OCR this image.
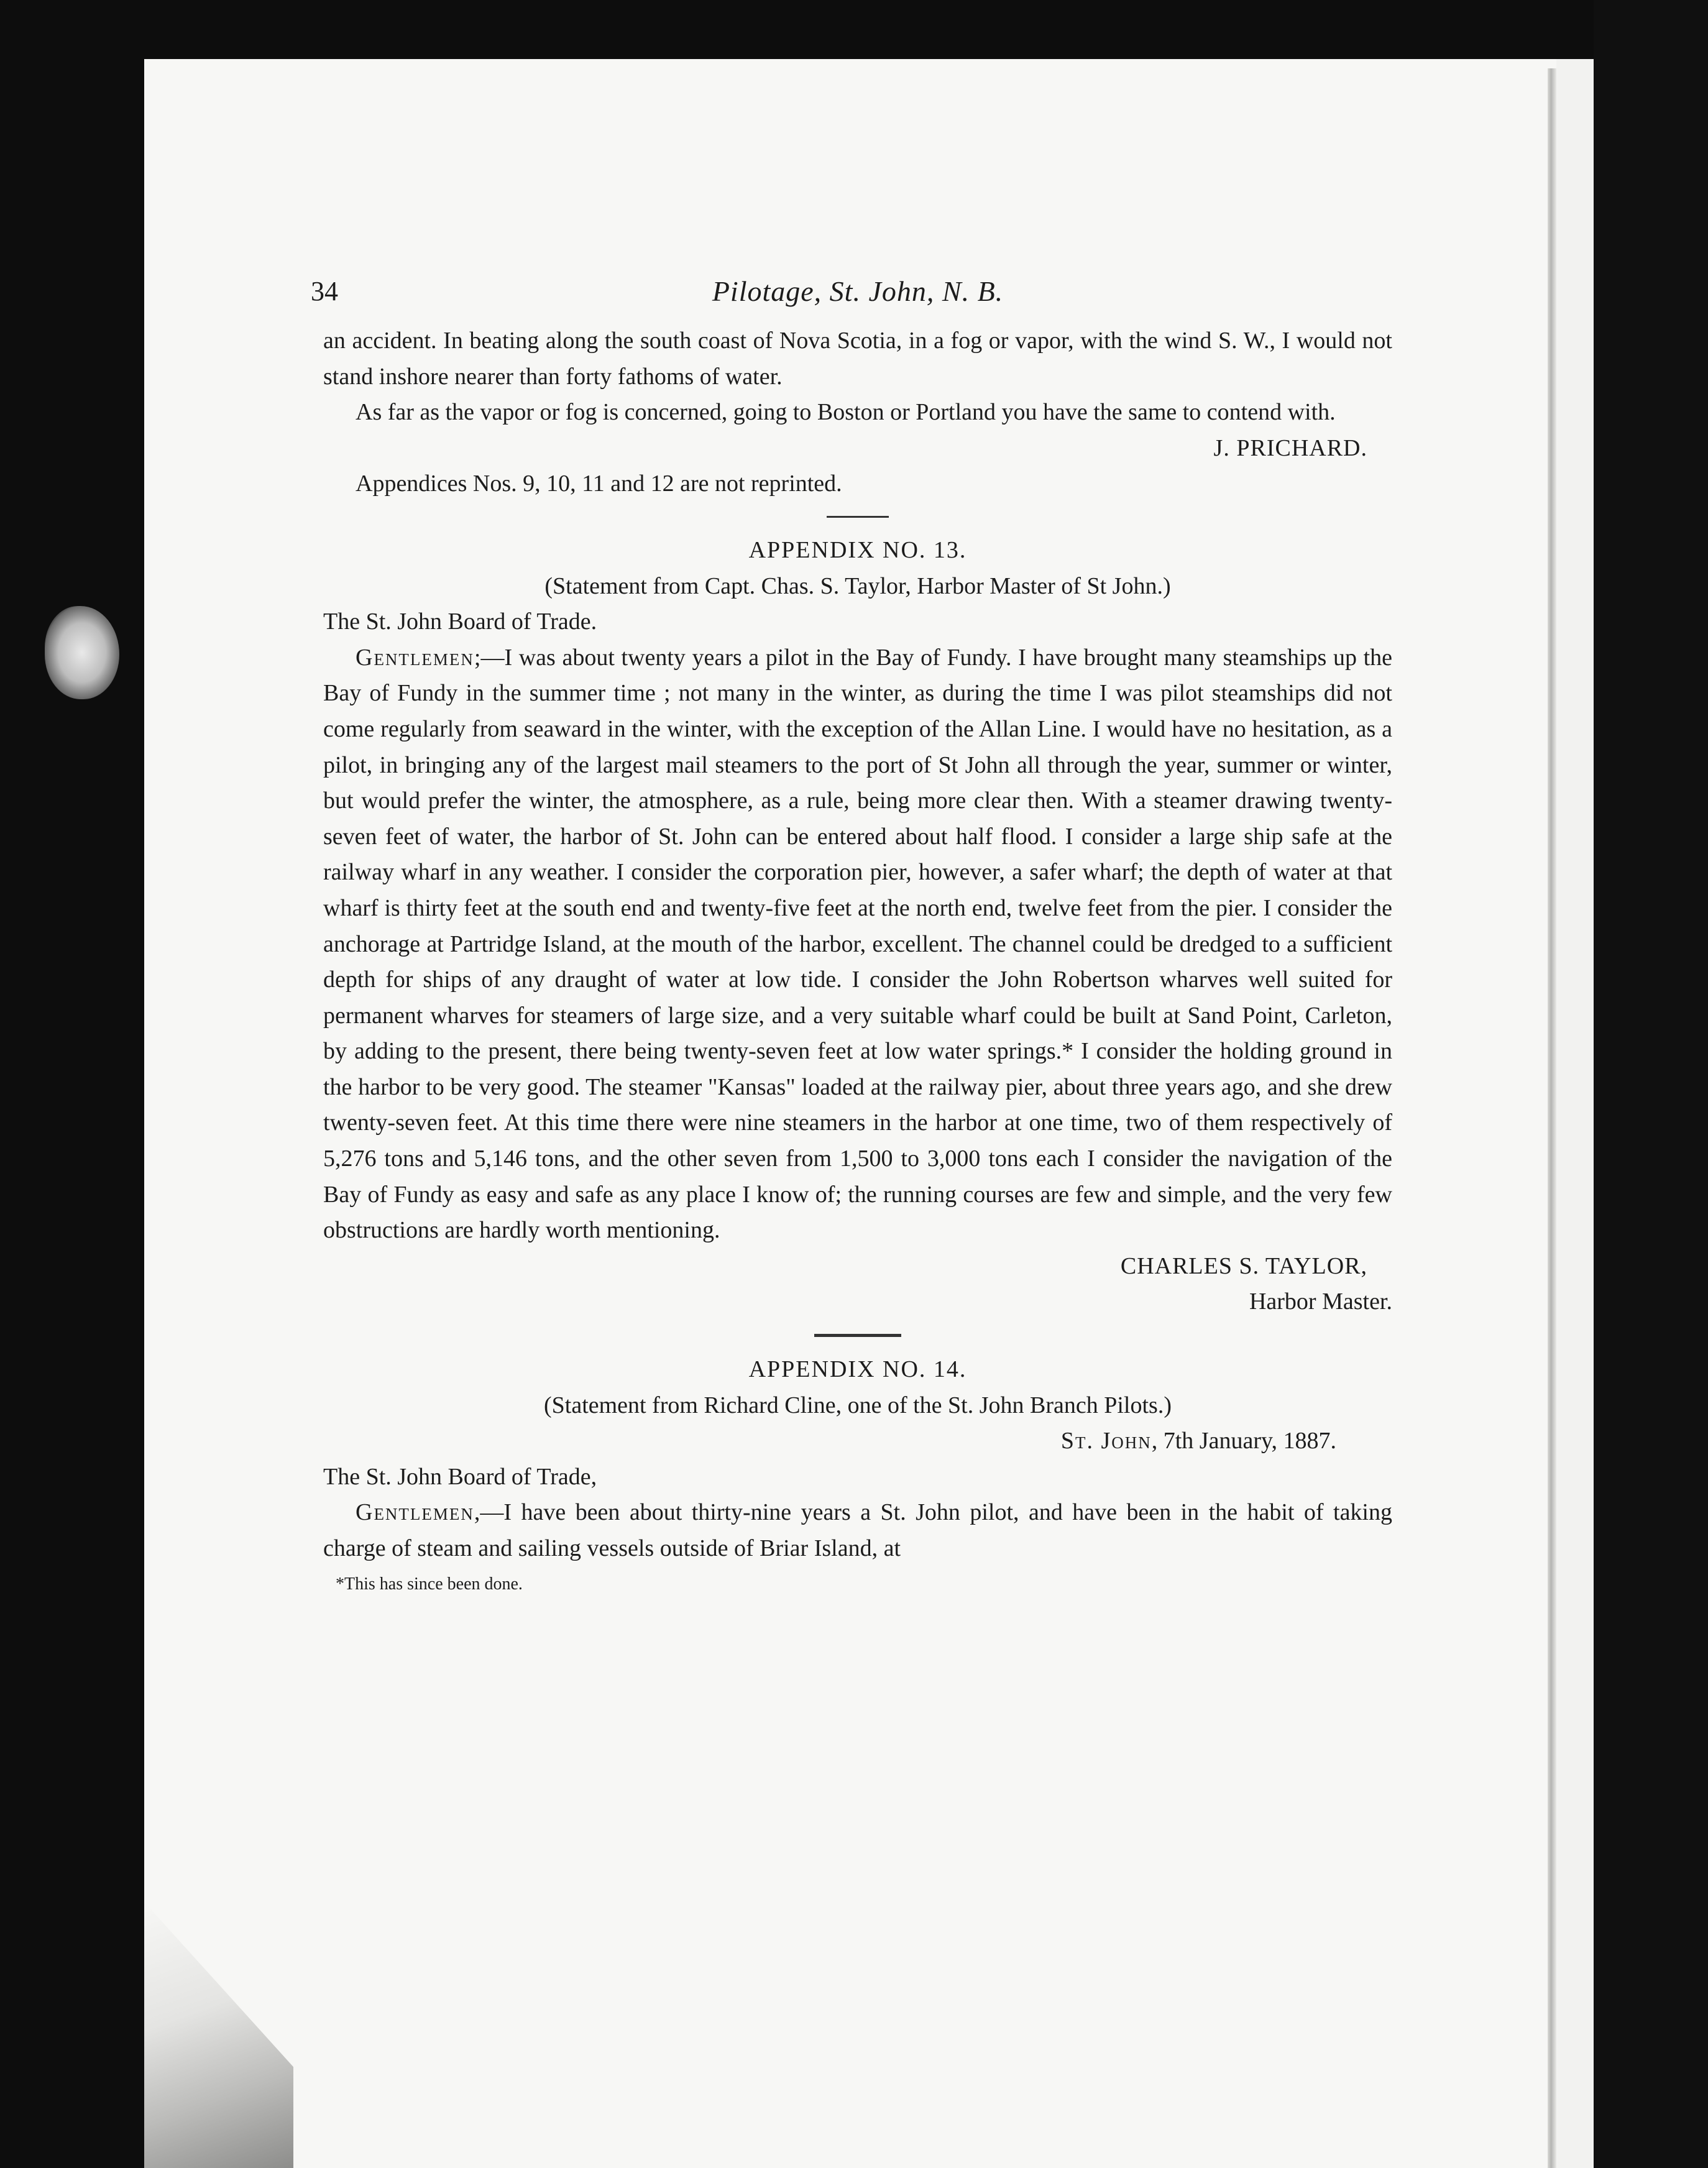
34	Pilotage, St. John, N. B.

an accident. In beating along the south coast of Nova Scotia, in a fog or vapor, with the wind S. W., I would not stand inshore nearer than forty fathoms of water.

As far as the vapor or fog is concerned, going to Boston or Portland you have the same to contend with.

J. PRICHARD.

Appendices Nos. 9, 10, 11 and 12 are not reprinted.

APPENDIX NO. 13.

(Statement from Capt. Chas. S. Taylor, Harbor Master of St John.)

The St. John Board of Trade.

Gentlemen;—I was about twenty years a pilot in the Bay of Fundy. I have brought many steamships up the Bay of Fundy in the summer time ; not many in the winter, as during the time I was pilot steamships did not come regularly from seaward in the winter, with the exception of the Allan Line. I would have no hesitation, as a pilot, in bringing any of the largest mail steamers to the port of St John all through the year, summer or winter, but would prefer the winter, the atmosphere, as a rule, being more clear then. With a steamer drawing twenty-seven feet of water, the harbor of St. John can be entered about half flood. I consider a large ship safe at the railway wharf in any weather. I consider the corporation pier, however, a safer wharf; the depth of water at that wharf is thirty feet at the south end and twenty-five feet at the north end, twelve feet from the pier. I consider the anchorage at Partridge Island, at the mouth of the harbor, excellent. The channel could be dredged to a sufficient depth for ships of any draught of water at low tide. I consider the John Robertson wharves well suited for permanent wharves for steamers of large size, and a very suitable wharf could be built at Sand Point, Carleton, by adding to the present, there being twenty-seven feet at low water springs.* I consider the holding ground in the harbor to be very good. The steamer "Kansas" loaded at the railway pier, about three years ago, and she drew twenty-seven feet. At this time there were nine steamers in the harbor at one time, two of them respectively of 5,276 tons and 5,146 tons, and the other seven from 1,500 to 3,000 tons each I consider the navigation of the Bay of Fundy as easy and safe as any place I know of; the running courses are few and simple, and the very few obstructions are hardly worth mentioning.

CHARLES S. TAYLOR,

Harbor Master.

APPENDIX NO. 14.

(Statement from Richard Cline, one of the St. John Branch Pilots.)

St. John, 7th January, 1887.

The St. John Board of Trade,

Gentlemen,—I have been about thirty-nine years a St. John pilot, and have been in the habit of taking charge of steam and sailing vessels outside of Briar Island, at

*This has since been done.
